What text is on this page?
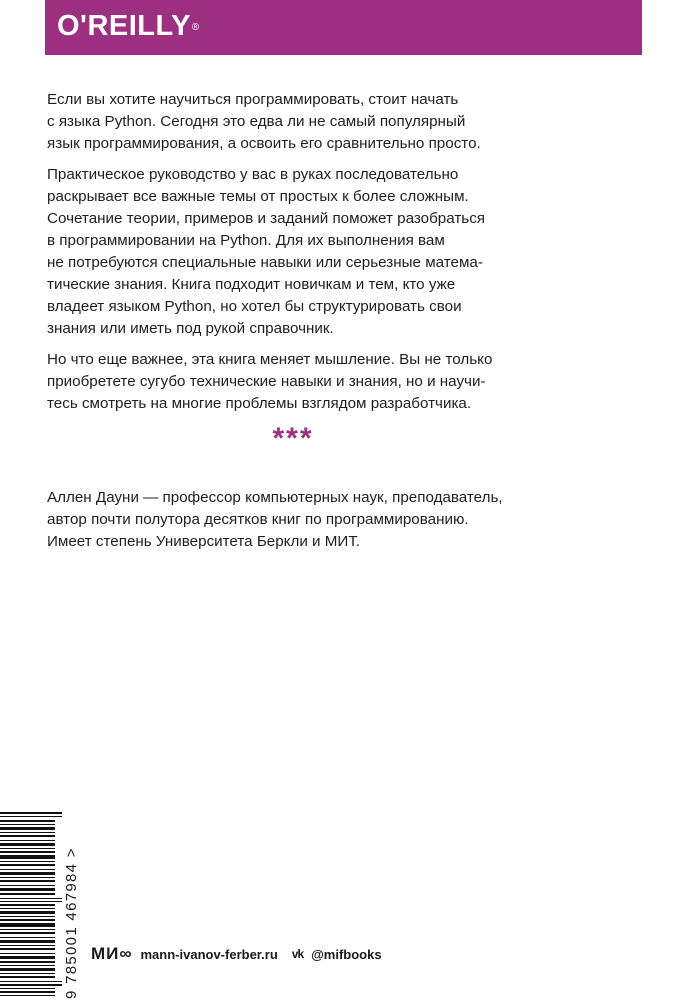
O'REILLY®

Если вы хотите научиться программировать, стоит начать
с языка Python. Сегодня это едва ли не самый популярный
язык программирования, а освоить его сравнительно просто.

Практическое руководство у вас в руках последовательно
раскрывает все важные темы от простых к более сложным.
Сочетание теории, примеров и заданий поможет разобраться
в программировании на Python. Для их выполнения вам
не потребуются специальные навыки или серьезные матема-
тические знания. Книга подходит новичкам и тем, кто уже
владеет языком Python, но хотел бы структурировать свои
знания или иметь под рукой справочник.

Но что еще важнее, эта книга меняет мышление. Вы не только
приобретете сугубо технические навыки и знания, но и научи-
тесь смотреть на многие проблемы взглядом разработчика.

***

Аллен Дауни — профессор компьютерных наук, преподаватель,
автор почти полутора десятков книг по программированию.
Имеет степень Университета Беркли и МИТ.

9 785001 467984 > МИ∞ mann-ivanov-ferber.ru vk @mifbooks
